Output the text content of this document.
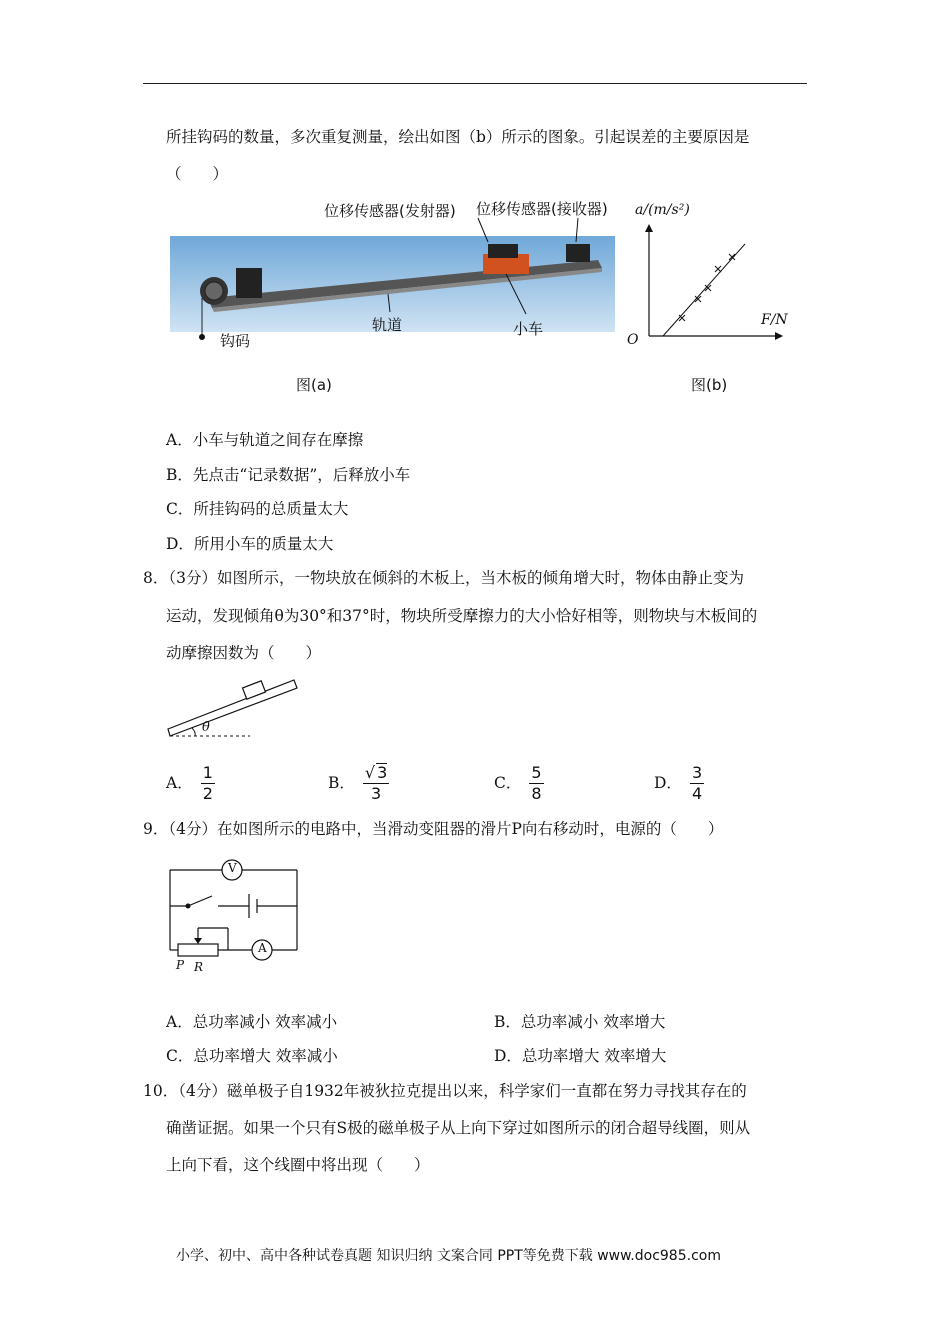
所挂钩码的数量，多次重复测量，绘出如图（b）所示的图象。引起误差的主要原因是
（　　）
位移传感器(发射器) 位移传感器(接收器)
钩码
轨道	小车
图(a)
a/(m/s²)
F/N
O
图(b)
A．小车与轨道之间存在摩擦
B．先点击“记录数据”，后释放小车
C．所挂钩码的总质量太大
D．所用小车的质量太大
8．（3分）如图所示，一物块放在倾斜的木板上，当木板的倾角增大时，物体由静止变为
运动，发现倾角θ为30°和37°时，物块所受摩擦力的大小恰好相等，则物块与木板间的
动摩擦因数为（　　）
θ
A． $\frac{1}{2}$	B． $\frac{√ 3}{3}$	C． $\frac{5}{8}$	D． $\frac{3}{4}$
9．（4分）在如图所示的电路中，当滑动变阻器的滑片P向右移动时，电源的（　　）
V
A
P R
A．总功率减小 效率减小	B．总功率减小 效率增大
C．总功率增大 效率减小	D．总功率增大 效率增大
10．（4分）磁单极子自1932年被狄拉克提出以来，科学家们一直都在努力寻找其存在的
确凿证据。如果一个只有S极的磁单极子从上向下穿过如图所示的闭合超导线圈，则从
上向下看，这个线圈中将出现（　　）
小学、初中、高中各种试卷真题 知识归纳 文案合同 PPT等免费下载 www.doc985.com
